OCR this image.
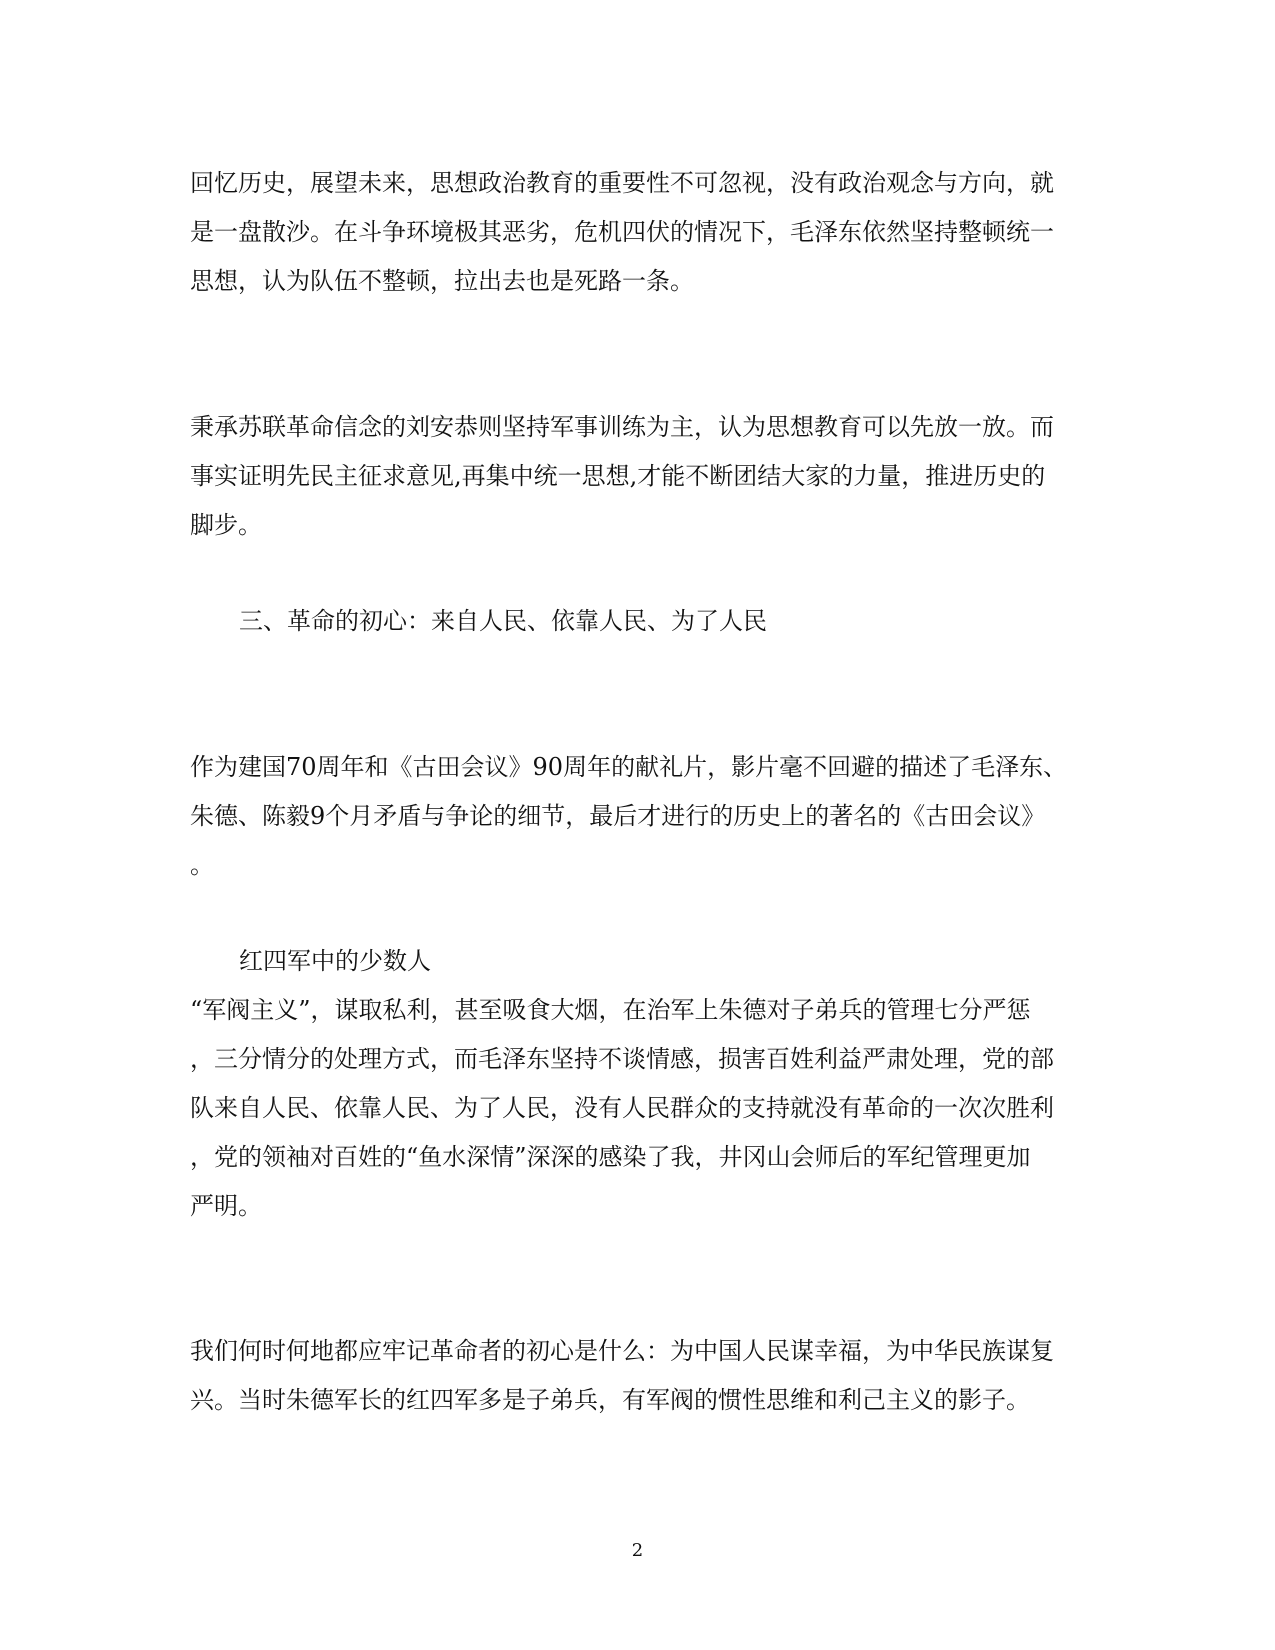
回忆历史，展望未来，思想政治教育的重要性不可忽视，没有政治观念与方向，就
是一盘散沙。在斗争环境极其恶劣，危机四伏的情况下，毛泽东依然坚持整顿统一
思想，认为队伍不整顿，拉出去也是死路一条。
秉承苏联革命信念的刘安恭则坚持军事训练为主，认为思想教育可以先放一放。而
事实证明先民主征求意见,再集中统一思想,才能不断团结大家的力量，推进历史的
脚步。
三、革命的初心：来自人民、依靠人民、为了人民
作为建国70周年和《古田会议》90周年的献礼片，影片毫不回避的描述了毛泽东、
朱德、陈毅9个月矛盾与争论的细节，最后才进行的历史上的著名的《古田会议》
。
红四军中的少数人
“军阀主义”，谋取私利，甚至吸食大烟，在治军上朱德对子弟兵的管理七分严惩
，三分情分的处理方式，而毛泽东坚持不谈情感，损害百姓利益严肃处理，党的部
队来自人民、依靠人民、为了人民，没有人民群众的支持就没有革命的一次次胜利
，党的领袖对百姓的“鱼水深情”深深的感染了我，井冈山会师后的军纪管理更加
严明。
我们何时何地都应牢记革命者的初心是什么：为中国人民谋幸福，为中华民族谋复
兴。当时朱德军长的红四军多是子弟兵，有军阀的惯性思维和利己主义的影子。
2
